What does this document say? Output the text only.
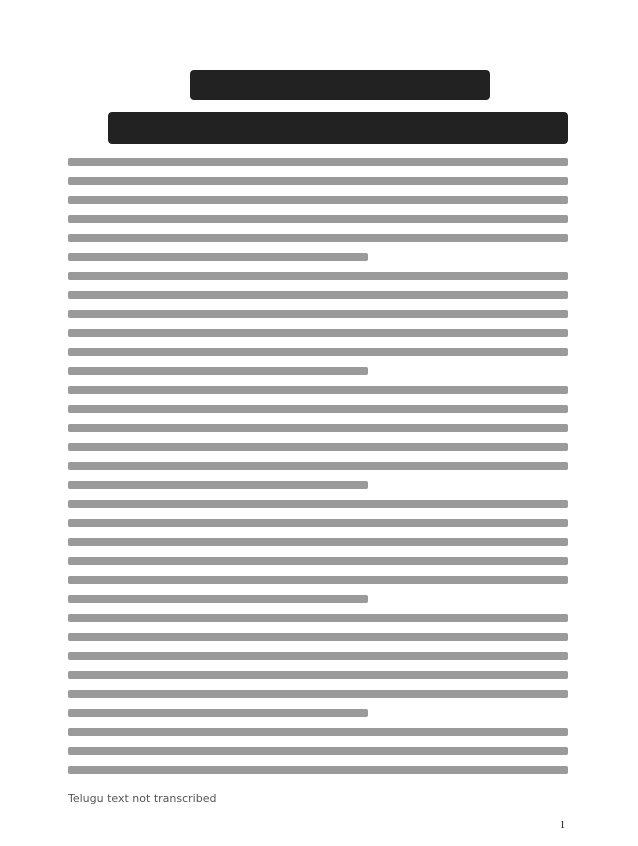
Telugu text not transcribed
1
